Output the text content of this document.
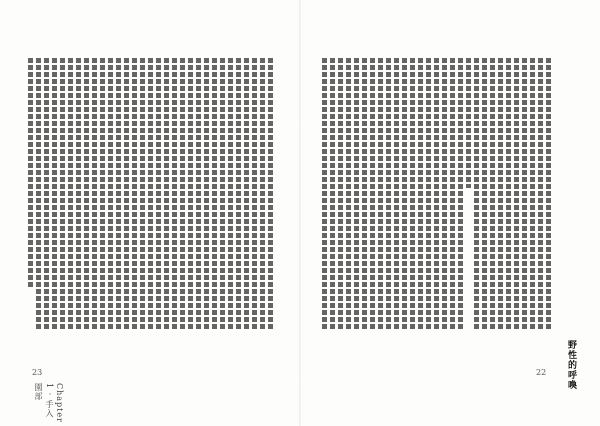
23
Chapter 1 · 手入園部
22 野性的呼喚
